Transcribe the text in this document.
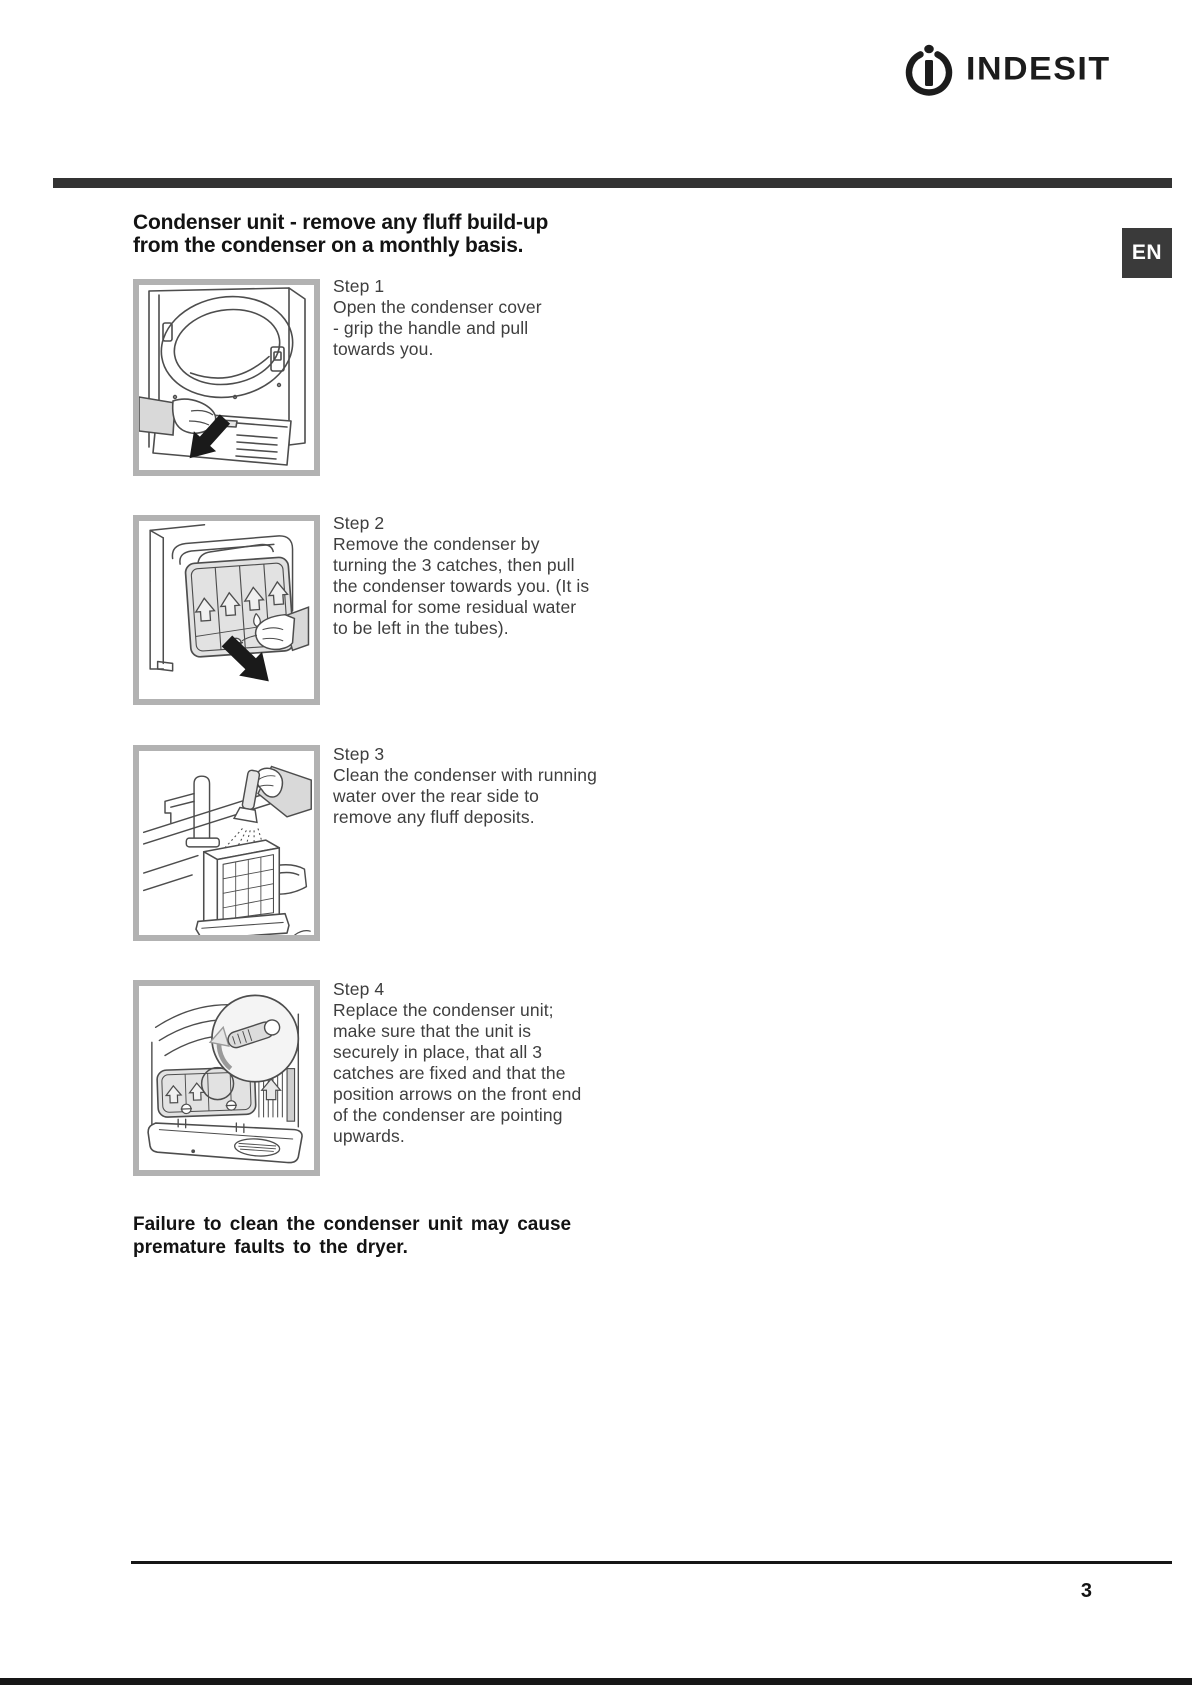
INDESIT
EN
Condenser unit - remove any fluff build-up
from the condenser on a monthly basis.
Step 1
Open the condenser cover
- grip the handle and pull
towards you.
Step 2
Remove the condenser by
turning the 3 catches, then pull
the condenser towards you. (It is
normal for some residual water
to be left in the tubes).
Step 3
Clean the condenser with running
water over the rear side to
remove any fluff deposits.
Step 4
Replace the condenser unit;
make sure that the unit is
securely in place, that all 3
catches are fixed and that the
position arrows on the front end
of the condenser are pointing
upwards.
Failure to clean the condenser unit may cause
premature faults to the dryer.
3
